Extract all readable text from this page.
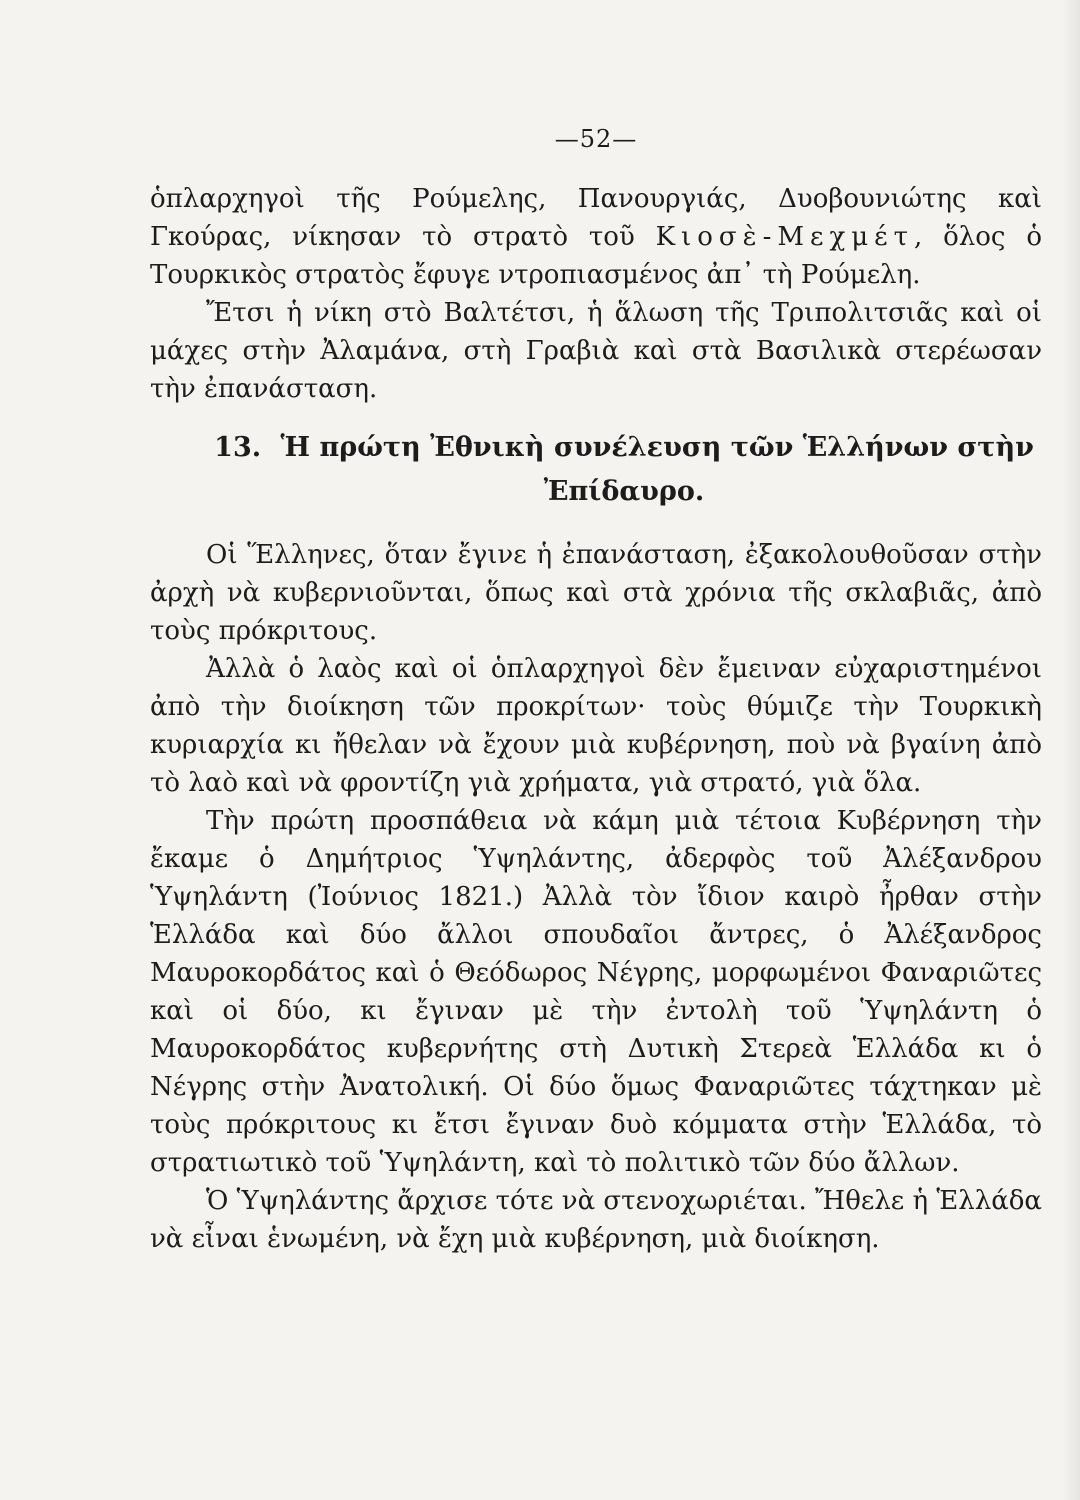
—52—

ὁπλαρχηγοὶ τῆς Ρούμελης, Πανουργιάς, Δυοβουνιώτης καὶ Γκούρας, νίκησαν τὸ στρατὸ τοῦ Κιοσὲ-Μεχμέτ, ὅλος ὁ Τουρκικὸς στρατὸς ἔφυγε ντροπιασμένος ἀπ᾽ τὴ Ρούμελη.

Ἔτσι ἡ νίκη στὸ Βαλτέτσι, ἡ ἅλωση τῆς Τριπολιτσιᾶς καὶ οἱ μάχες στὴν Ἀλαμάνα, στὴ Γραβιὰ καὶ στὰ Βασιλικὰ στερέωσαν τὴν ἐπανάσταση.

13. Ἡ πρώτη Ἐθνικὴ συνέλευση τῶν Ἑλλήνων στὴν Ἐπίδαυρο.

Οἱ Ἕλληνες, ὅταν ἔγινε ἡ ἐπανάσταση, ἐξακολουθοῦσαν στὴν ἀρχὴ νὰ κυβερνιοῦνται, ὅπως καὶ στὰ χρόνια τῆς σκλαβιᾶς, ἀπὸ τοὺς πρόκριτους.

Ἀλλὰ ὁ λαὸς καὶ οἱ ὁπλαρχηγοὶ δὲν ἔμειναν εὐχαριστημένοι ἀπὸ τὴν διοίκηση τῶν προκρίτων· τοὺς θύμιζε τὴν Τουρκικὴ κυριαρχία κι ἤθελαν νὰ ἔχουν μιὰ κυβέρνηση, ποὺ νὰ βγαίνη ἀπὸ τὸ λαὸ καὶ νὰ φροντίζη γιὰ χρήματα, γιὰ στρατό, γιὰ ὅλα.

Τὴν πρώτη προσπάθεια νὰ κάμη μιὰ τέτοια Κυβέρνηση τὴν ἔκαμε ὁ Δημήτριος Ὑψηλάντης, ἀδερφὸς τοῦ Ἀλέξανδρου Ὑψηλάντη (Ἰούνιος 1821.) Ἀλλὰ τὸν ἴδιον καιρὸ ἦρθαν στὴν Ἑλλάδα καὶ δύο ἄλλοι σπουδαῖοι ἄντρες, ὁ Ἀλέξανδρος Μαυροκορδάτος καὶ ὁ Θεόδωρος Νέγρης, μορφωμένοι Φαναριῶτες καὶ οἱ δύο, κι ἔγιναν μὲ τὴν ἐντολὴ τοῦ Ὑψηλάντη ὁ Μαυροκορδάτος κυβερνήτης στὴ Δυτικὴ Στερεὰ Ἑλλάδα κι ὁ Νέγρης στὴν Ἀνατολική. Οἱ δύο ὅμως Φαναριῶτες τάχτηκαν μὲ τοὺς πρόκριτους κι ἔτσι ἔγιναν δυὸ κόμματα στὴν Ἑλλάδα, τὸ στρατιωτικὸ τοῦ Ὑψηλάντη, καὶ τὸ πολιτικὸ τῶν δύο ἄλλων.

Ὁ Ὑψηλάντης ἄρχισε τότε νὰ στενοχωριέται. Ἤθελε ἡ Ἑλλάδα νὰ εἶναι ἑνωμένη, νὰ ἔχη μιὰ κυβέρνηση, μιὰ διοίκηση.
